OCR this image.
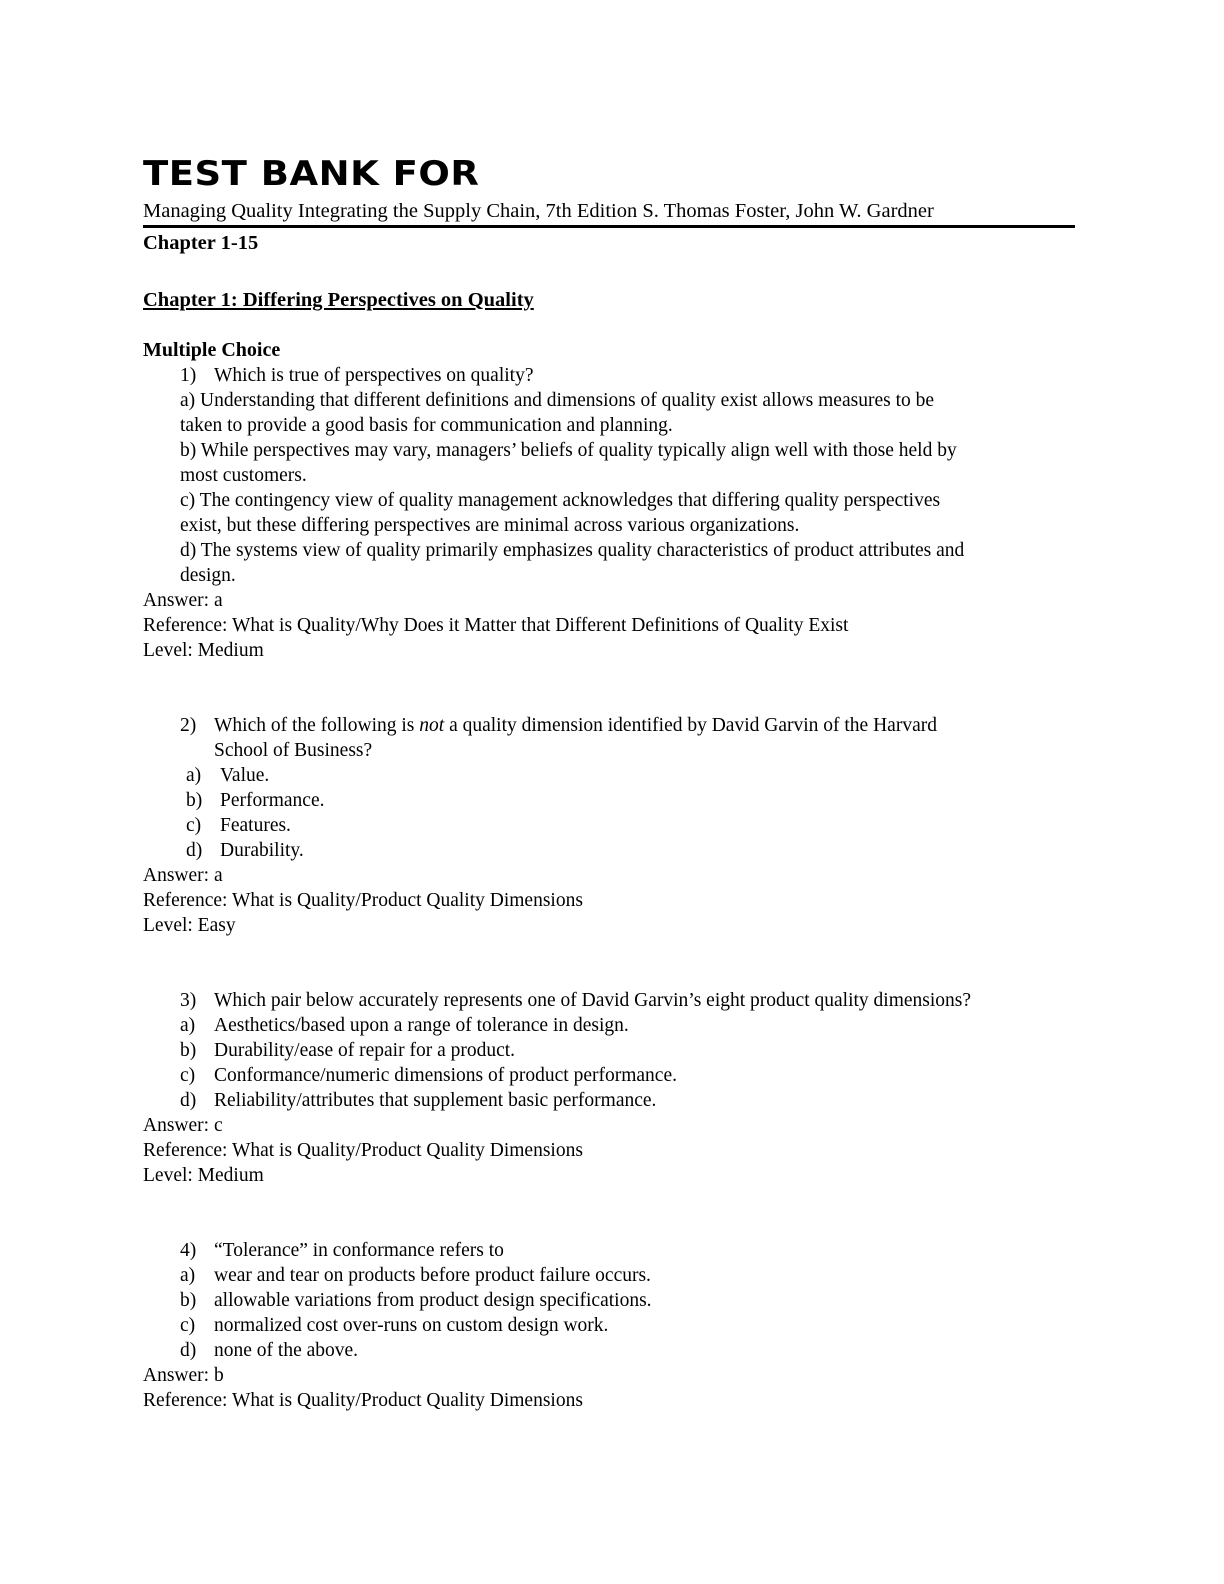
TEST BANK FOR

Managing Quality Integrating the Supply Chain, 7th Edition S. Thomas Foster, John W. Gardner

Chapter 1-15
Chapter 1: Differing Perspectives on Quality
Multiple Choice
1) Which is true of perspectives on quality?
a) Understanding that different definitions and dimensions of quality exist allows measures to be
taken to provide a good basis for communication and planning.
b) While perspectives may vary, managers’ beliefs of quality typically align well with those held by
most customers.
c) The contingency view of quality management acknowledges that differing quality perspectives
exist, but these differing perspectives are minimal across various organizations.
d) The systems view of quality primarily emphasizes quality characteristics of product attributes and
design.
Answer: a
Reference: What is Quality/Why Does it Matter that Different Definitions of Quality Exist
Level: Medium
2) Which of the following is not a quality dimension identified by David Garvin of the Harvard
School of Business?
a) Value.
b) Performance.
c) Features.
d) Durability.
Answer: a
Reference: What is Quality/Product Quality Dimensions
Level: Easy
3) Which pair below accurately represents one of David Garvin’s eight product quality dimensions?
a) Aesthetics/based upon a range of tolerance in design.
b) Durability/ease of repair for a product.
c) Conformance/numeric dimensions of product performance.
d) Reliability/attributes that supplement basic performance.
Answer: c
Reference: What is Quality/Product Quality Dimensions
Level: Medium
4) “Tolerance” in conformance refers to
a) wear and tear on products before product failure occurs.
b) allowable variations from product design specifications.
c) normalized cost over-runs on custom design work.
d) none of the above.
Answer: b
Reference: What is Quality/Product Quality Dimensions
